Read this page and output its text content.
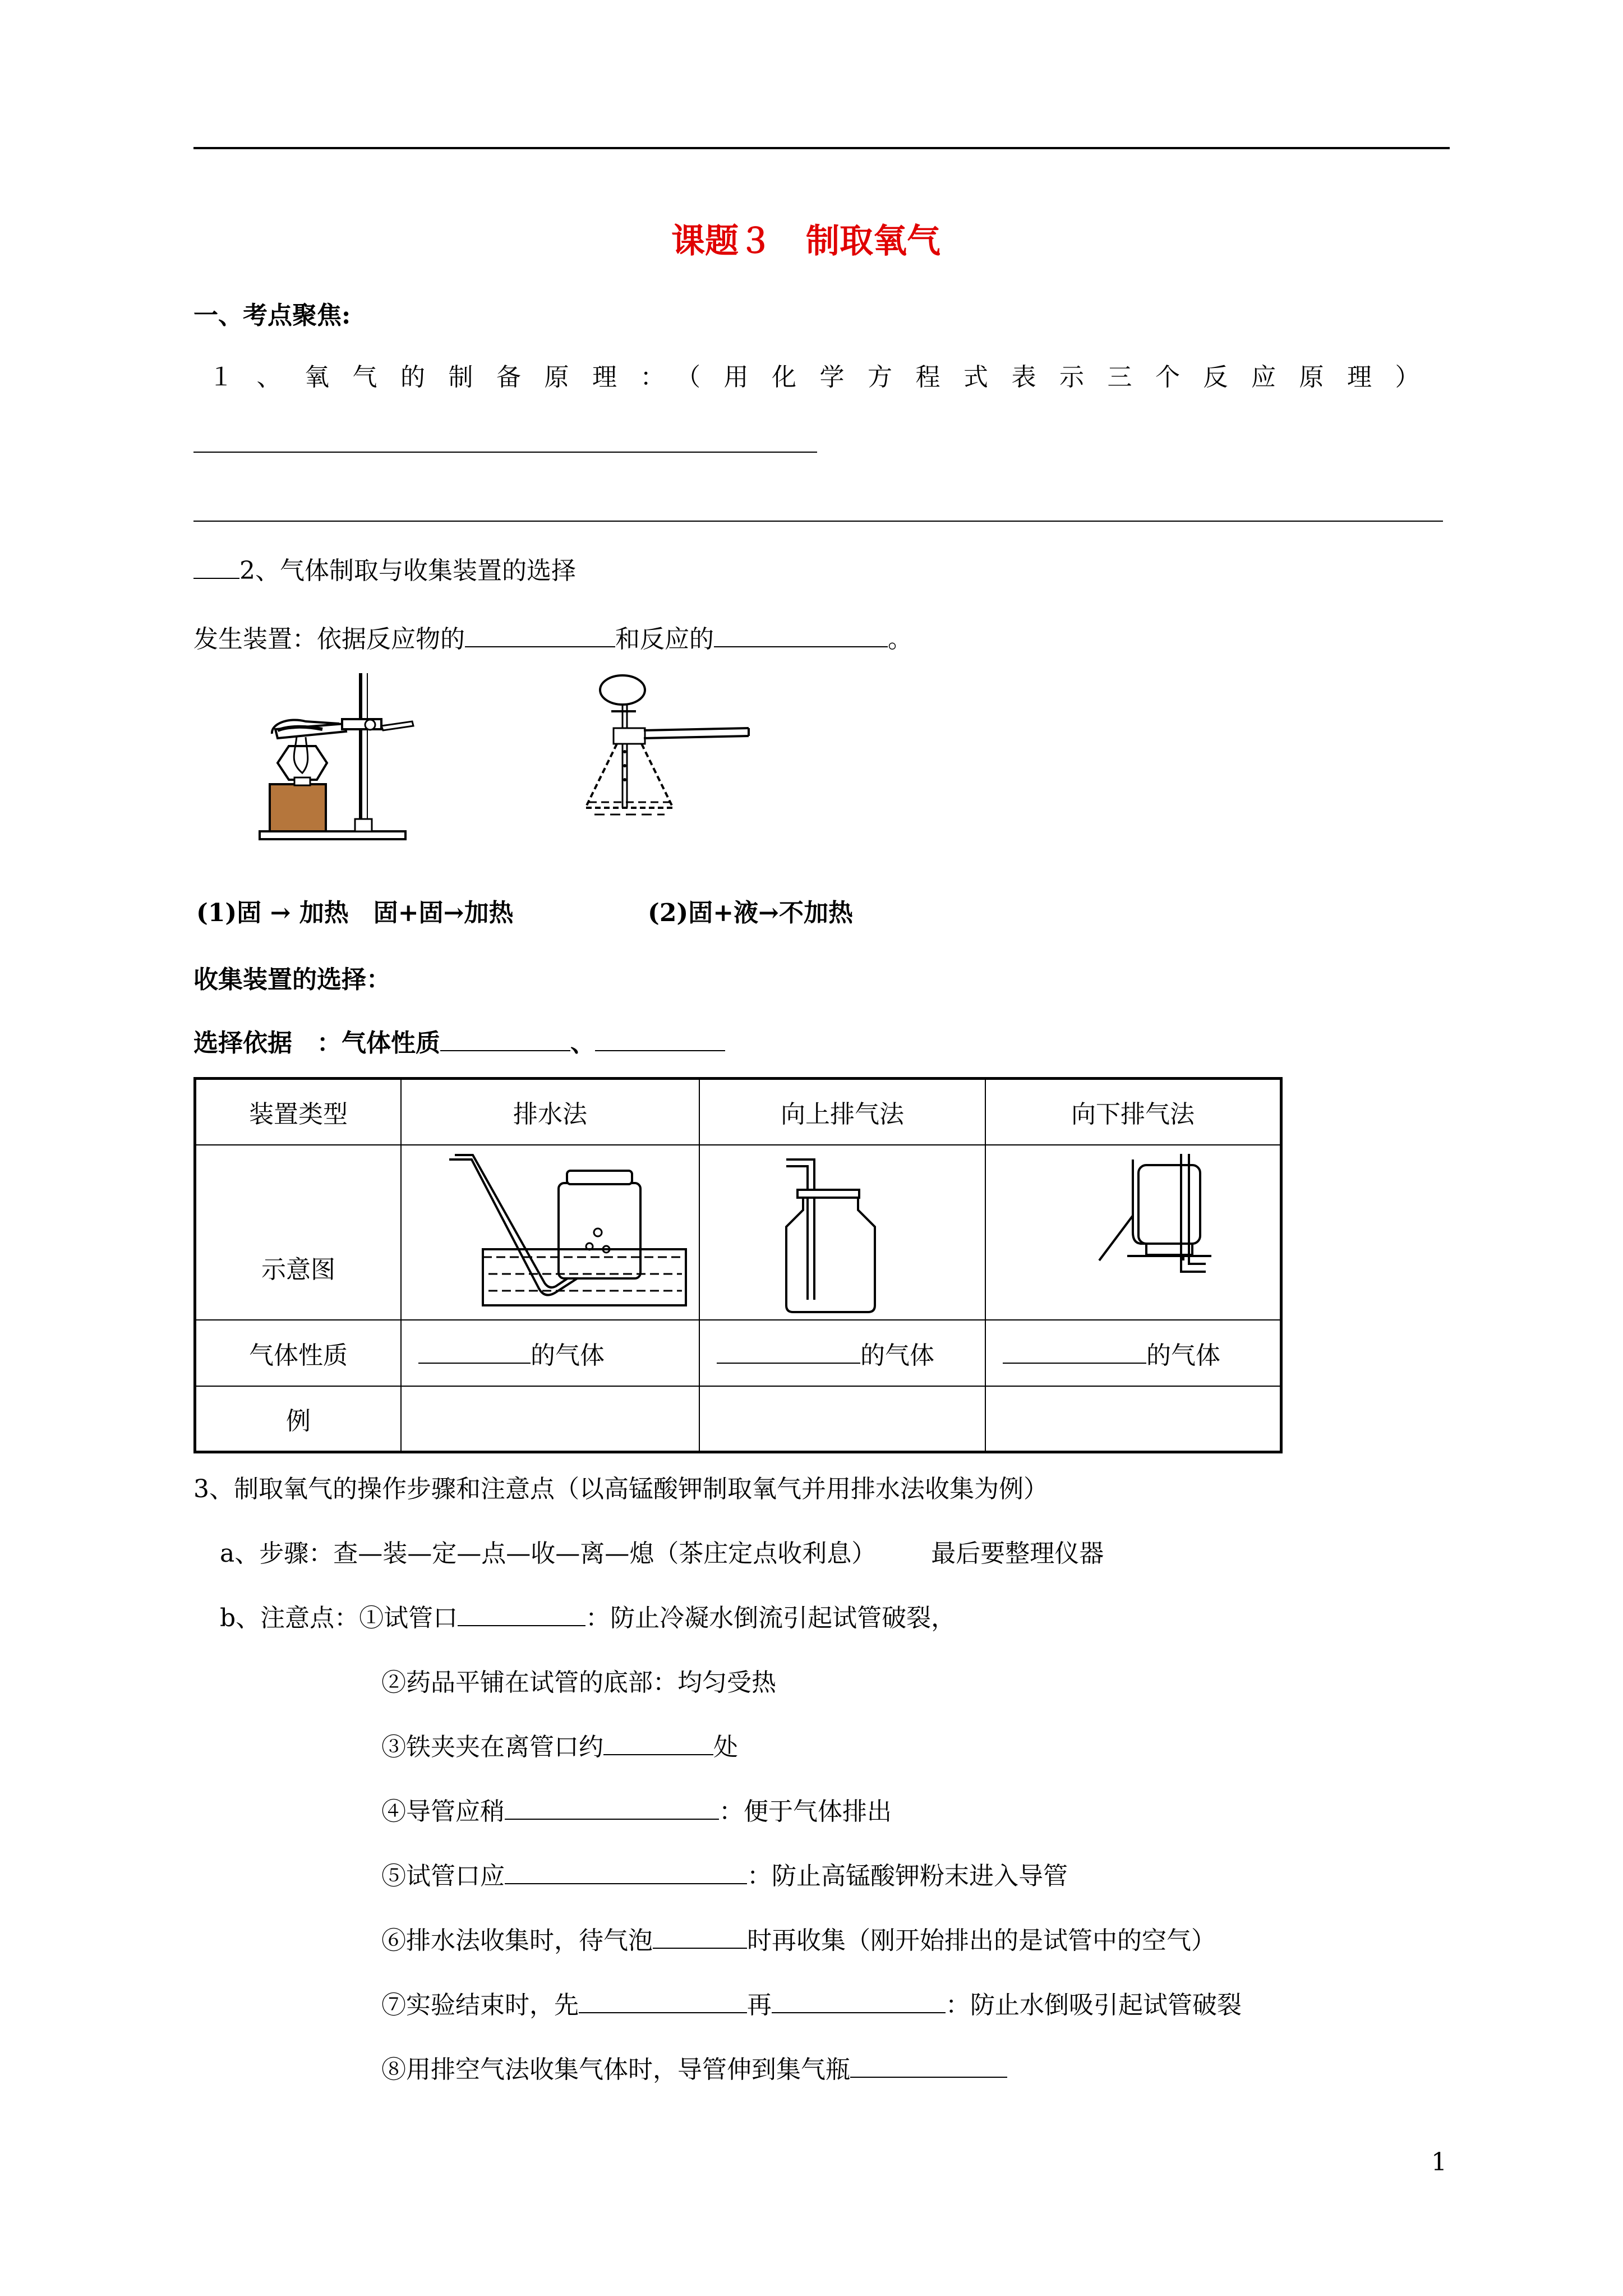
课题３　制取氧气
一、考点聚焦:
１、氧气的制备原理：（用化学方程式表示三个反应原理）
2、气体制取与收集装置的选择
发生装置：依据反应物的	和反应的	。
(1)固 → 加热　固+固→加热	(2)固+液→不加热
收集装置的选择：
选择依据　：气体性质	、
装置类型	排水法	向上排气法	向下排气法

示意图

气体性质	的气体	的气体	的气体
例			
3、制取氧气的操作步骤和注意点（以高锰酸钾制取氧气并用排水法收集为例）
a、步骤：查—装—定—点—收—离—熄（茶庄定点收利息） 最后要整理仪器
b、注意点：①试管口	：防止冷凝水倒流引起试管破裂，
②药品平铺在试管的底部：均匀受热
③铁夹夹在离管口约	处
④导管应稍	：便于气体排出
⑤试管口应	：防止高锰酸钾粉末进入导管
⑥排水法收集时，待气泡	时再收集（刚开始排出的是试管中的空气）
⑦实验结束时，先	再	：防止水倒吸引起试管破裂
⑧用排空气法收集气体时，导管伸到集气瓶
1
